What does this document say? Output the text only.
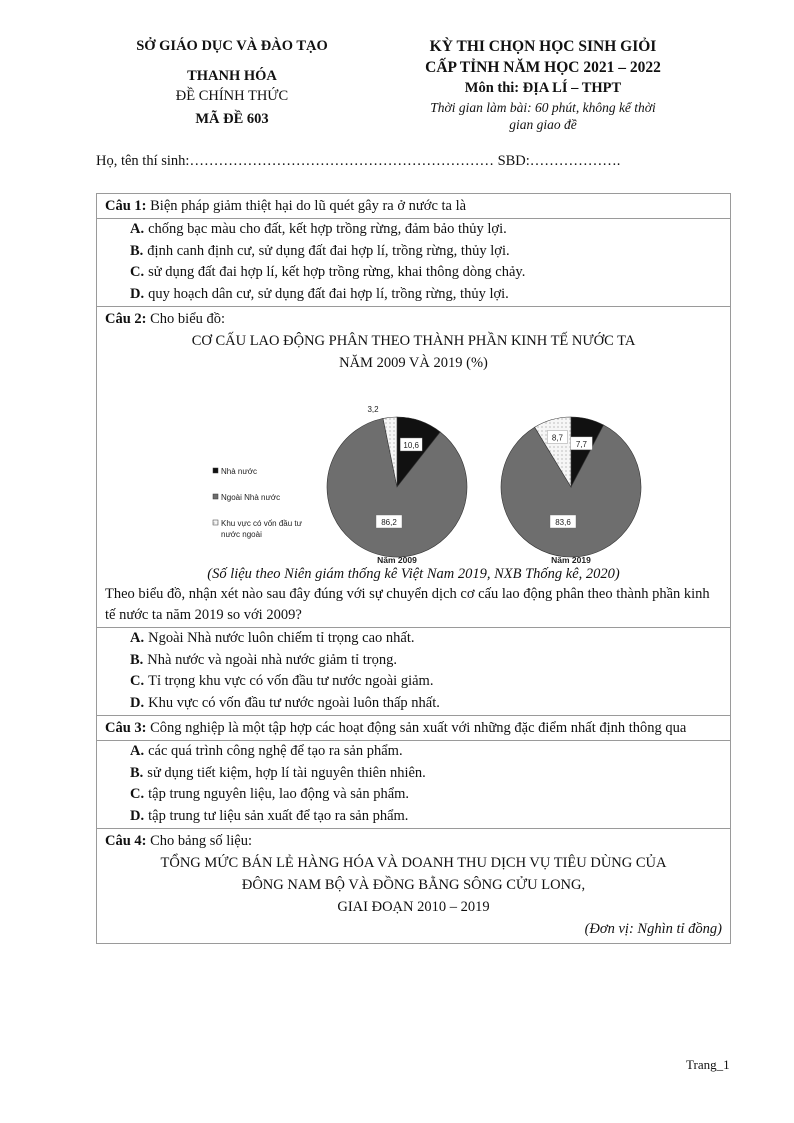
SỞ GIÁO DỤC VÀ ĐÀO TẠO
THANH HÓA
ĐỀ CHÍNH THỨC
MÃ ĐỀ 603
KỲ THI CHỌN HỌC SINH GIỎI
CẤP TỈNH NĂM HỌC 2021 – 2022
Môn thi: ĐỊA LÍ – THPT
Thời gian làm bài: 60 phút, không kể thời
gian giao đề
Họ, tên thí sinh:……………………………………………………… SBD:……………….
Câu 1: Biện pháp giảm thiệt hại do lũ quét gây ra ở nước ta là
A. chống bạc màu cho đất, kết hợp trồng rừng, đảm bảo thủy lợi.
B. định canh định cư, sử dụng đất đai hợp lí, trồng rừng, thủy lợi.
C. sử dụng đất đai hợp lí, kết hợp trồng rừng, khai thông dòng chảy.
D. quy hoạch dân cư, sử dụng đất đai hợp lí, trồng rừng, thủy lợi.
Câu 2: Cho biểu đồ:
CƠ CẤU LAO ĐỘNG PHÂN THEO THÀNH PHẦN KINH TẾ NƯỚC TA
NĂM 2009 VÀ 2019 (%)
10,6
86,2
3,2
Năm 2009
7,7
83,6
8,7
Năm 2019
Nhà nước
Ngoài Nhà nước
Khu vực có vốn đầu tư
nước ngoài
(Số liệu theo Niên giám thống kê Việt Nam 2019, NXB Thống kê, 2020)
Theo biểu đồ, nhận xét nào sau đây đúng với sự chuyển dịch cơ cấu lao động phân theo thành phần kinh tế nước ta năm 2019 so với 2009?
A. Ngoài Nhà nước luôn chiếm tỉ trọng cao nhất.
B. Nhà nước và ngoài nhà nước giảm tỉ trọng.
C. Tỉ trọng khu vực có vốn đầu tư nước ngoài giảm.
D. Khu vực có vốn đầu tư nước ngoài luôn thấp nhất.
Câu 3: Công nghiệp là một tập hợp các hoạt động sản xuất với những đặc điểm nhất định thông qua
A. các quá trình công nghệ để tạo ra sản phẩm.
B. sử dụng tiết kiệm, hợp lí tài nguyên thiên nhiên.
C. tập trung nguyên liệu, lao động và sản phẩm.
D. tập trung tư liệu sản xuất để tạo ra sản phẩm.
Câu 4: Cho bảng số liệu:
TỔNG MỨC BÁN LẺ HÀNG HÓA VÀ DOANH THU DỊCH VỤ TIÊU DÙNG CỦA
ĐÔNG NAM BỘ VÀ ĐỒNG BẰNG SÔNG CỬU LONG,
GIAI ĐOẠN 2010 – 2019
(Đơn vị: Nghìn tỉ đồng)
Trang_1
